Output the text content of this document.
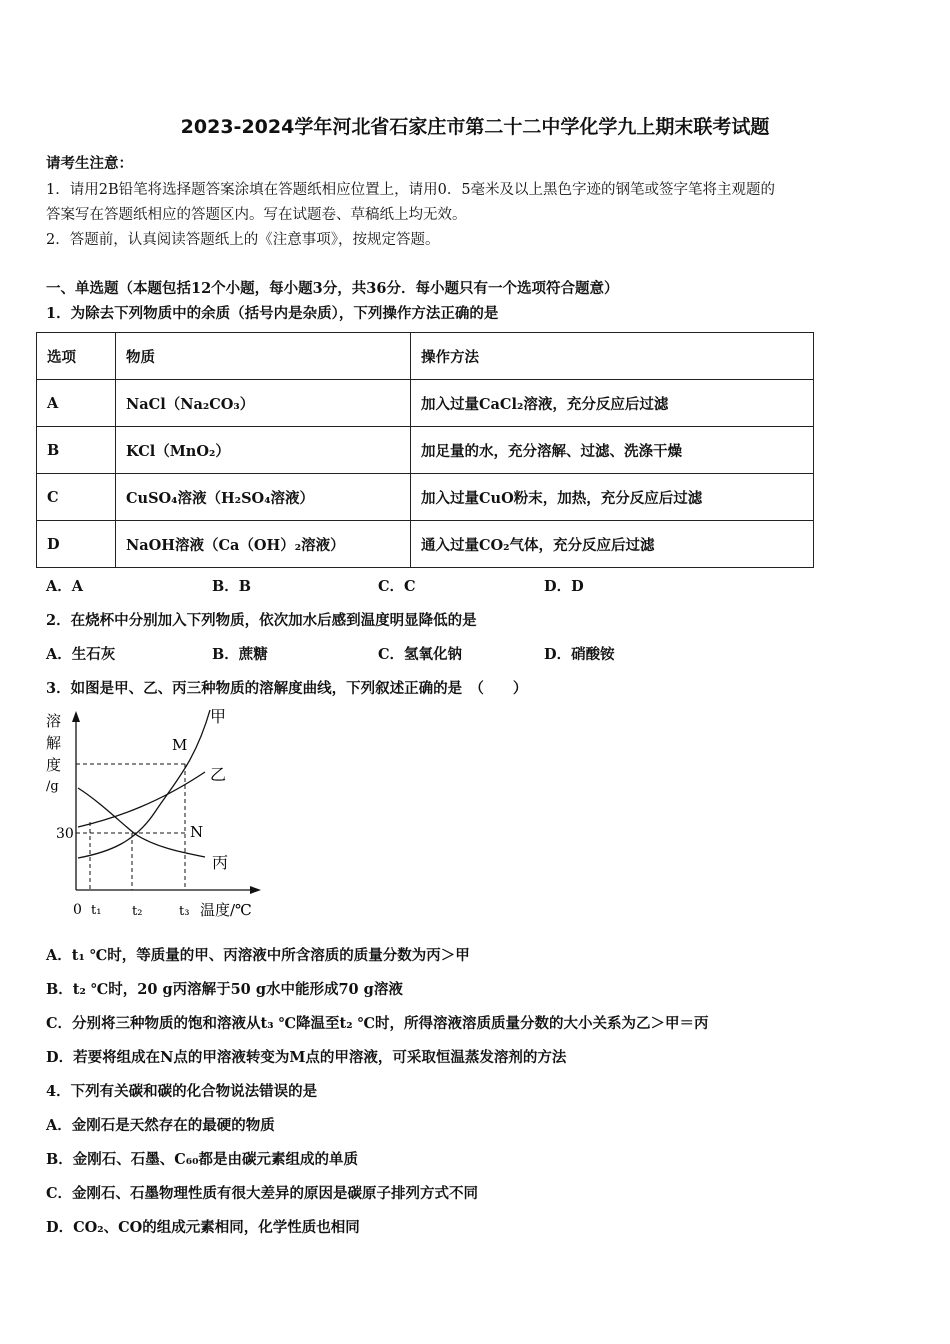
2023-2024学年河北省石家庄市第二十二中学化学九上期末联考试题
请考生注意：
1．请用2B铅笔将选择题答案涂填在答题纸相应位置上，请用0．5毫米及以上黑色字迹的钢笔或签字笔将主观题的
答案写在答题纸相应的答题区内。写在试题卷、草稿纸上均无效。
2．答题前，认真阅读答题纸上的《注意事项》，按规定答题。
一、单选题（本题包括12个小题，每小题3分，共36分．每小题只有一个选项符合题意）
1．为除去下列物质中的余质（括号内是杂质），下列操作方法正确的是
选项	物质	操作方法
A	NaCl（Na₂CO₃）	加入过量CaCl₂溶液，充分反应后过滤
B	KCl（MnO₂）	加足量的水，充分溶解、过滤、洗涤干燥
C	CuSO₄溶液（H₂SO₄溶液）	加入过量CuO粉末，加热，充分反应后过滤
D	NaOH溶液（Ca（OH）₂溶液）	通入过量CO₂气体，充分反应后过滤
A．A	B．B	C．C	D．D
2．在烧杯中分别加入下列物质，依次加水后感到温度明显降低的是
A．生石灰	B．蔗糖	C．氢氧化钠	D．硝酸铵
3．如图是甲、乙、丙三种物质的溶解度曲线，下列叙述正确的是　（　　）
溶
解
度
/g
30
M
N
甲
乙
丙
0 t₁ t₂	t₃ 温度/℃
A．t₁ ℃时，等质量的甲、丙溶液中所含溶质的质量分数为丙＞甲
B．t₂ ℃时，20 g丙溶解于50 g水中能形成70 g溶液
C．分别将三种物质的饱和溶液从t₃ ℃降温至t₂ ℃时，所得溶液溶质质量分数的大小关系为乙＞甲＝丙
D．若要将组成在N点的甲溶液转变为M点的甲溶液，可采取恒温蒸发溶剂的方法
4．下列有关碳和碳的化合物说法错误的是
A．金刚石是天然存在的最硬的物质
B．金刚石、石墨、C₆₀都是由碳元素组成的单质
C．金刚石、石墨物理性质有很大差异的原因是碳原子排列方式不同
D．CO₂、CO的组成元素相同，化学性质也相同
